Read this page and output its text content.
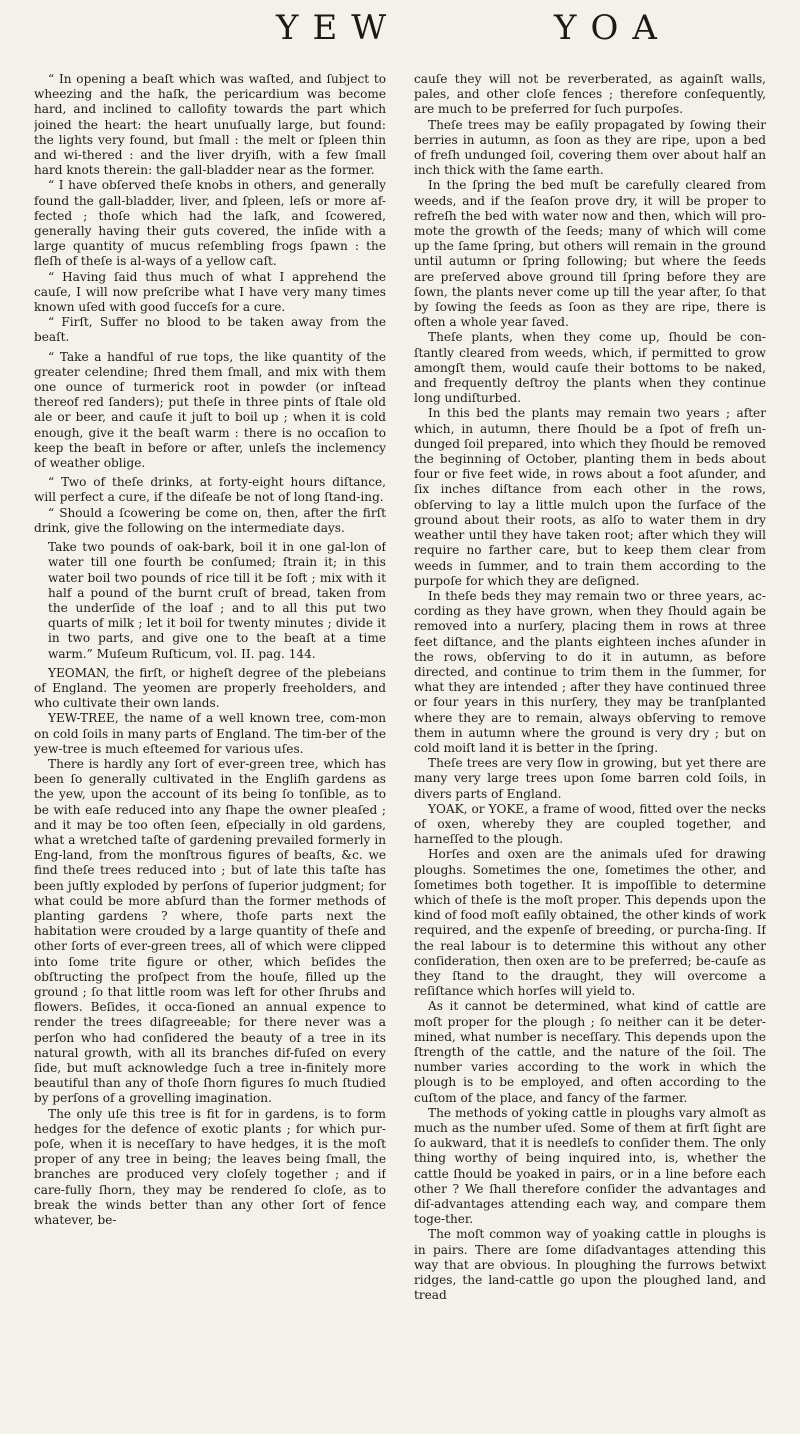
YEW	YOA

“ In opening a beaſt which was waſted, and ſubject to wheezing and the haſk, the pericardium was become hard, and inclined to callofity towards the part which joined the heart: the heart unuſually large, but found: the lights very found, but ſmall : the melt or ſpleen thin and wi-thered : and the liver dryiſh, with a few ſmall hard knots therein: the gall-bladder near as the former.

“ I have obſerved theſe knobs in others, and generally found the gall-bladder, liver, and ſpleen, leſs or more af-fected ; thoſe which had the laſk, and ſcowered, generally having their guts covered, the inſide with a large quantity of mucus reſembling frogs ſpawn : the fleſh of theſe is al-ways of a yellow caſt.

“ Having ſaid thus much of what I apprehend the cauſe, I will now preſcribe what I have very many times known uſed with good ſucceſs for a cure.

“ Firſt, Suffer no blood to be taken away from the beaſt.

“ Take a handful of rue tops, the like quantity of the greater celendine; ſhred them ſmall, and mix with them one ounce of turmerick root in powder (or inſtead thereof red ſanders); put theſe in three pints of ſtale old ale or beer, and cauſe it juſt to boil up ; when it is cold enough, give it the beaſt warm : there is no occaſion to keep the beaſt in before or after, unleſs the inclemency of weather oblige.

“ Two of theſe drinks, at forty-eight hours diſtance, will perfect a cure, if the diſeaſe be not of long ſtand-ing.

“ Should a ſcowering be come on, then, after the firſt drink, give the following on the intermediate days.

Take two pounds of oak-bark, boil it in one gal-lon of water till one fourth be conſumed; ſtrain it; in this water boil two pounds of rice till it be ſoft ; mix with it half a pound of the burnt cruſt of bread, taken from the underſide of the loaf ; and to all this put two quarts of milk ; let it boil for twenty minutes ; divide it in two parts, and give one to the beaſt at a time warm.” Muſeum Ruſticum, vol. II. pag. 144.

YEOMAN, the firſt, or higheſt degree of the plebeians of England. The yeomen are properly freeholders, and who cultivate their own lands.

YEW-TREE, the name of a well known tree, com-mon on cold ſoils in many parts of England. The tim-ber of the yew-tree is much eſteemed for various uſes.

There is hardly any ſort of ever-green tree, which has been ſo generally cultivated in the Engliſh gardens as the yew, upon the account of its being ſo tonſible, as to be with eaſe reduced into any ſhape the owner pleaſed ; and it may be too often ſeen, eſpecially in old gardens, what a wretched taſte of gardening prevailed formerly in Eng-land, from the monſtrous figures of beaſts, &c. we find theſe trees reduced into ; but of late this taſte has been juſtly exploded by perſons of ſuperior judgment; for what could be more abſurd than the former methods of planting gardens ? where, thoſe parts next the habitation were crouded by a large quantity of theſe and other ſorts of ever-green trees, all of which were clipped into ſome trite figure or other, which beſides the obſtructing the proſpect from the houſe, filled up the ground ; ſo that little room was left for other ſhrubs and flowers. Beſides, it occa-ſioned an annual expence to render the trees diſagreeable; for there never was a perſon who had conſidered the beauty of a tree in its natural growth, with all its branches dif-fuſed on every ſide, but muſt acknowledge ſuch a tree in-finitely more beautiful than any of thoſe ſhorn figures ſo much ſtudied by perſons of a grovelling imagination.

The only uſe this tree is fit for in gardens, is to form hedges for the defence of exotic plants ; for which pur-poſe, when it is neceſſary to have hedges, it is the moſt proper of any tree in being; the leaves being ſmall, the branches are produced very cloſely together ; and if care-fully ſhorn, they may be rendered ſo cloſe, as to break the winds better than any other ſort of fence whatever, be-

cauſe they will not be reverberated, as againſt walls, pales, and other cloſe fences ; therefore conſequently, are much to be preferred for ſuch purpoſes.

Theſe trees may be eaſily propagated by ſowing their berries in autumn, as ſoon as they are ripe, upon a bed of freſh undunged ſoil, covering them over about half an inch thick with the ſame earth.

In the ſpring the bed muſt be carefully cleared from weeds, and if the ſeaſon prove dry, it will be proper to refreſh the bed with water now and then, which will pro-mote the growth of the ſeeds; many of which will come up the ſame ſpring, but others will remain in the ground until autumn or ſpring following; but where the ſeeds are preſerved above ground till ſpring before they are ſown, the plants never come up till the year after, ſo that by ſowing the ſeeds as ſoon as they are ripe, there is often a whole year ſaved.

Theſe plants, when they come up, ſhould be con-ſtantly cleared from weeds, which, if permitted to grow amongſt them, would cauſe their bottoms to be naked, and frequently deſtroy the plants when they continue long undiſturbed.

In this bed the plants may remain two years ; after which, in autumn, there ſhould be a ſpot of freſh un-dunged ſoil prepared, into which they ſhould be removed the beginning of October, planting them in beds about four or five feet wide, in rows about a foot aſunder, and ſix inches diſtance from each other in the rows, obſerving to lay a little mulch upon the ſurface of the ground about their roots, as alſo to water them in dry weather until they have taken root; after which they will require no farther care, but to keep them clear from weeds in ſummer, and to train them according to the purpoſe for which they are deſigned.

In theſe beds they may remain two or three years, ac-cording as they have grown, when they ſhould again be removed into a nurſery, placing them in rows at three feet diſtance, and the plants eighteen inches aſunder in the rows, obſerving to do it in autumn, as before directed, and continue to trim them in the ſummer, for what they are intended ; after they have continued three or four years in this nurſery, they may be tranſplanted where they are to remain, always obſerving to remove them in autumn where the ground is very dry ; but on cold moiſt land it is better in the ſpring.

Theſe trees are very ſlow in growing, but yet there are many very large trees upon ſome barren cold ſoils, in divers parts of England.

YOAK, or YOKE, a frame of wood, fitted over the necks of oxen, whereby they are coupled together, and harneſſed to the plough.

Horſes and oxen are the animals uſed for drawing ploughs. Sometimes the one, ſometimes the other, and ſometimes both together. It is impoſſible to determine which of theſe is the moſt proper. This depends upon the kind of food moſt eaſily obtained, the other kinds of work required, and the expenſe of breeding, or purcha-ſing. If the real labour is to determine this without any other conſideration, then oxen are to be preferred; be-cauſe as they ſtand to the draught, they will overcome a reſiſtance which horſes will yield to.

As it cannot be determined, what kind of cattle are moſt proper for the plough ; ſo neither can it be deter-mined, what number is neceſſary. This depends upon the ſtrength of the cattle, and the nature of the ſoil. The number varies according to the work in which the plough is to be employed, and often according to the cuſtom of the place, and fancy of the farmer.

The methods of yoking cattle in ploughs vary almoſt as much as the number uſed. Some of them at firſt ſight are ſo aukward, that it is needleſs to conſider them. The only thing worthy of being inquired into, is, whether the cattle ſhould be yoaked in pairs, or in a line before each other ? We ſhall therefore conſider the advantages and diſ-advantages attending each way, and compare them toge-ther.

The moſt common way of yoaking cattle in ploughs is in pairs. There are ſome diſadvantages attending this way that are obvious. In ploughing the furrows betwixt ridges, the land-cattle go upon the ploughed land, and tread
